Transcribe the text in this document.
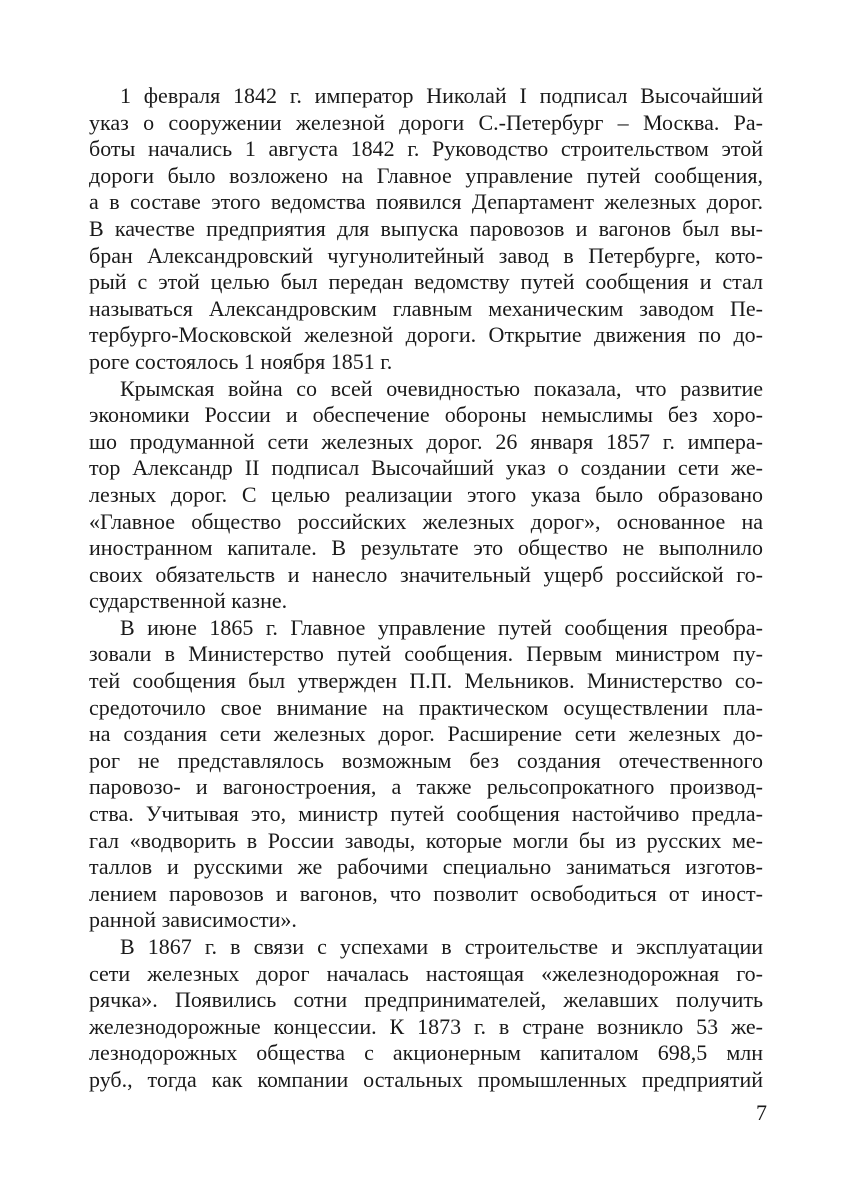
1 февраля 1842 г. император Николай I подписал Высочайший
указ о сооружении железной дороги С.-Петербург – Москва. Ра-
боты начались 1 августа 1842 г. Руководство строительством этой
дороги было возложено на Главное управление путей сообщения,
а в составе этого ведомства появился Департамент железных дорог.
В качестве предприятия для выпуска паровозов и вагонов был вы-
бран Александровский чугунолитейный завод в Петербурге, кото-
рый с этой целью был передан ведомству путей сообщения и стал
называться Александровским главным механическим заводом Пе-
тербурго-Московской железной дороги. Открытие движения по до-
роге состоялось 1 ноября 1851 г.
Крымская война со всей очевидностью показала, что развитие
экономики России и обеспечение обороны немыслимы без хоро-
шо продуманной сети железных дорог. 26 января 1857 г. импера-
тор Александр II подписал Высочайший указ о создании сети же-
лезных дорог. С целью реализации этого указа было образовано
«Главное общество российских железных дорог», основанное на
иностранном капитале. В результате это общество не выполнило
своих обязательств и нанесло значительный ущерб российской го-
сударственной казне.
В июне 1865 г. Главное управление путей сообщения преобра-
зовали в Министерство путей сообщения. Первым министром пу-
тей сообщения был утвержден П.П. Мельников. Министерство со-
средоточило свое внимание на практическом осуществлении пла-
на создания сети железных дорог. Расширение сети железных до-
рог не представлялось возможным без создания отечественного
паровозо- и вагоностроения, а также рельсопрокатного производ-
ства. Учитывая это, министр путей сообщения настойчиво предла-
гал «водворить в России заводы, которые могли бы из русских ме-
таллов и русскими же рабочими специально заниматься изготов-
лением паровозов и вагонов, что позволит освободиться от иност-
ранной зависимости».
В 1867 г. в связи с успехами в строительстве и эксплуатации
сети железных дорог началась настоящая «железнодорожная го-
рячка». Появились сотни предпринимателей, желавших получить
железнодорожные концессии. К 1873 г. в стране возникло 53 же-
лезнодорожных общества с акционерным капиталом 698,5 млн
руб., тогда как компании остальных промышленных предприятий
7
